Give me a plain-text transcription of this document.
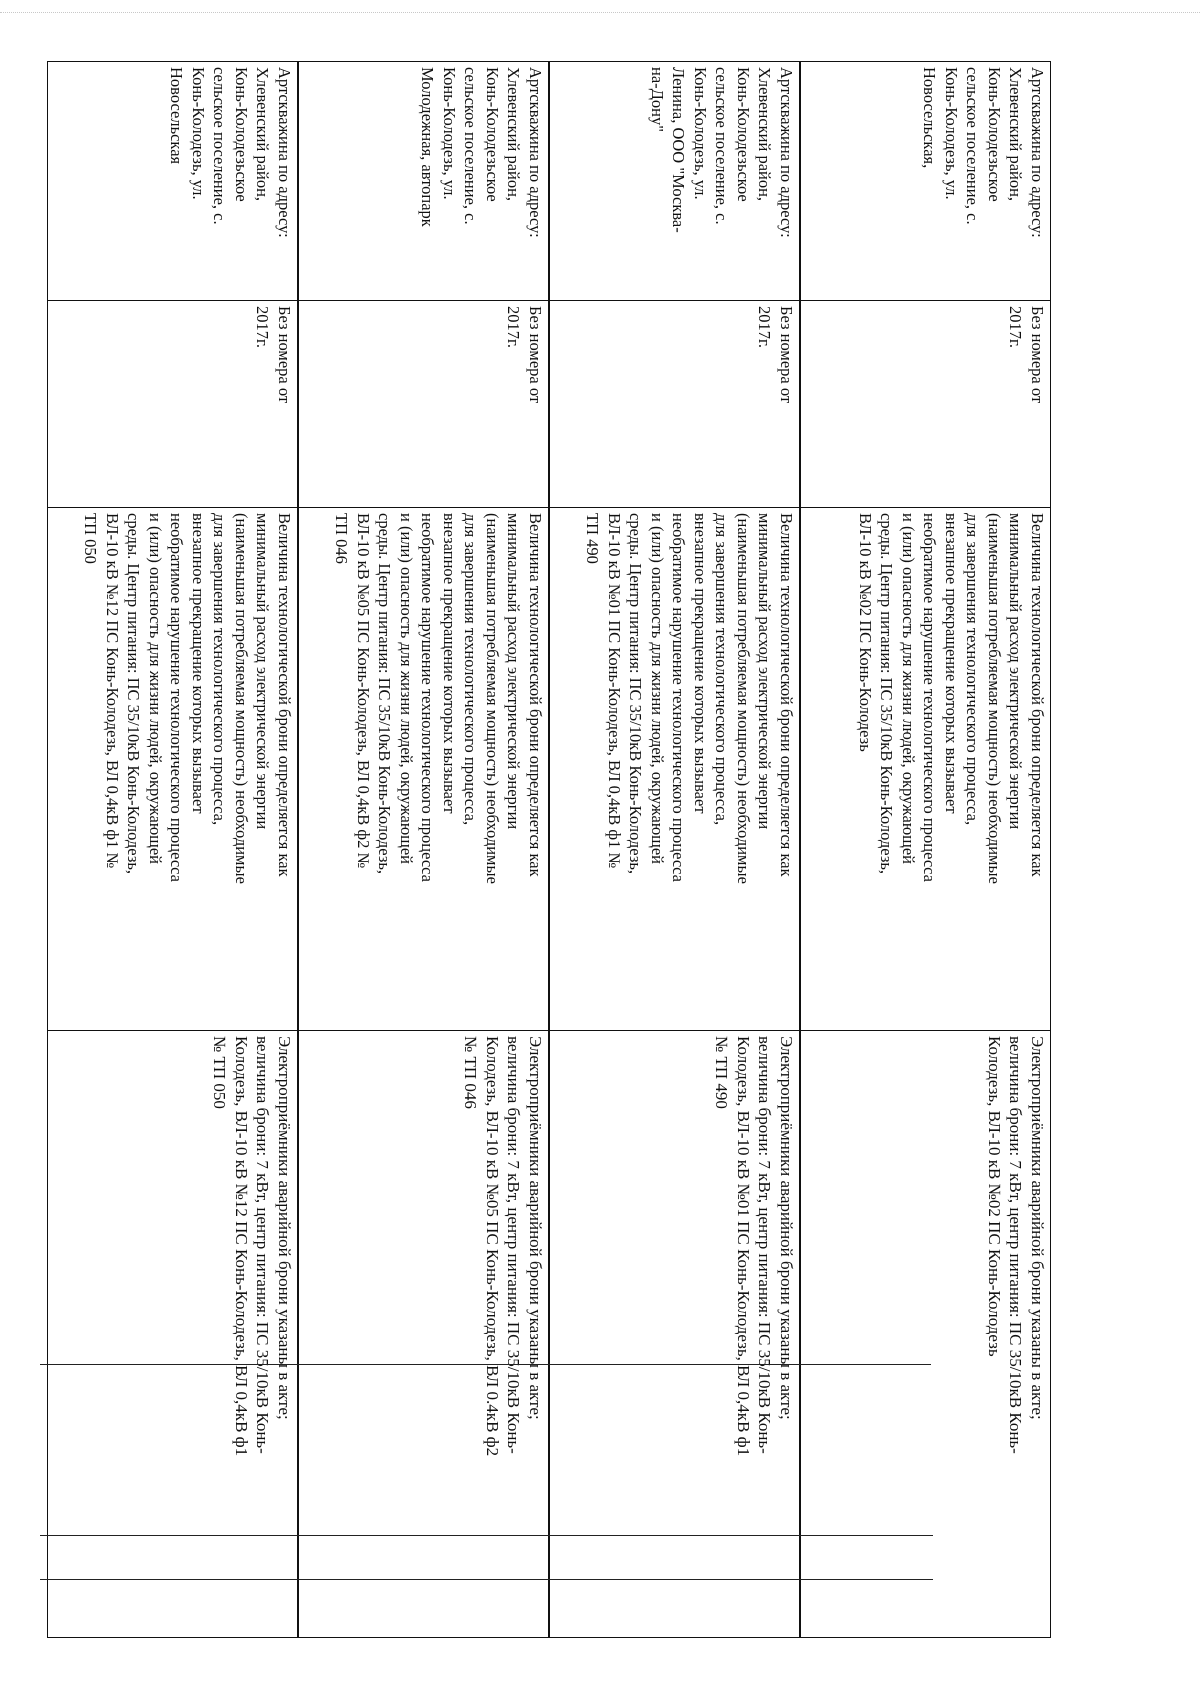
Артскважина по адресу:
Хлевенский район,
Конь-Колодезьское
сельское поселение, с.
Конь-Колодезь, ул.
Новосельская,
Без номера от
2017г.
Величина технологической брони определяется как
минимальный расход электрической энергии
(наименьшая потребляемая мощность) необходимые
для завершения технологического процесса,
внезапное прекращение которых вызывает
необратимое нарушение технологического процесса
и (или) опасность для жизни людей, окружающей
среды. Центр питания: ПС 35/10кВ Конь-Колодезь,
ВЛ-10 кВ №02 ПС Конь-Колодезь
Электроприёмники аварийной брони указаны в акте;
величина брони: 7 кВт, центр питания: ПС 35/10кВ Конь-
Колодезь, ВЛ-10 кВ №02 ПС Конь-Колодезь
Артскважина по адресу:
Хлевенский район,
Конь-Колодезьское
сельское поселение, с.
Конь-Колодезь, ул.
Ленина, ООО "Москва-
на-Дону"
Без номера от
2017г.
Величина технологической брони определяется как
минимальный расход электрической энергии
(наименьшая потребляемая мощность) необходимые
для завершения технологического процесса,
внезапное прекращение которых вызывает
необратимое нарушение технологического процесса
и (или) опасность для жизни людей, окружающей
среды. Центр питания: ПС 35/10кВ Конь-Колодезь,
ВЛ-10 кВ №01 ПС Конь-Колодезь, ВЛ 0,4кВ ф1 №
ТП 490
Электроприёмники аварийной брони указаны в акте;
величина брони: 7 кВт, центр питания: ПС 35/10кВ Конь-
Колодезь, ВЛ-10 кВ №01 ПС Конь-Колодезь, ВЛ 0,4кВ ф1
№ ТП 490
Артскважина по адресу:
Хлевенский район,
Конь-Колодезьское
сельское поселение, с.
Конь-Колодезь, ул.
Молодежная, автопарк
Без номера от
2017г.
Величина технологической брони определяется как
минимальный расход электрической энергии
(наименьшая потребляемая мощность) необходимые
для завершения технологического процесса,
внезапное прекращение которых вызывает
необратимое нарушение технологического процесса
и (или) опасность для жизни людей, окружающей
среды. Центр питания: ПС 35/10кВ Конь-Колодезь,
ВЛ-10 кВ №05 ПС Конь-Колодезь, ВЛ 0,4кВ ф2 №
ТП 046
Электроприёмники аварийной брони указаны в акте;
величина брони: 7 кВт, центр питания: ПС 35/10кВ Конь-
Колодезь, ВЛ-10 кВ №05 ПС Конь-Колодезь, ВЛ 0.4кВ ф2
№ ТП 046
Артскважина по адресу:
Хлевенский район,
Конь-Колодезьское
сельское поселение, с.
Конь-Колодезь, ул.
Новосельская
Без номера от
2017г.
Величина технологической брони определяется как
минимальный расход электрической энергии
(наименьшая потребляемая мощность) необходимые
для завершения технологического процесса,
внезапное прекращение которых вызывает
необратимое нарушение технологического процесса
и (или) опасность для жизни людей, окружающей
среды. Центр питания: ПС 35/10кВ Конь-Колодезь,
ВЛ-10 кВ №12 ПС Конь-Колодезь, ВЛ 0,4кВ ф1 №
ТП 050
Электроприёмники аварийной брони указаны в акте;
величина брони: 7 кВт, центр питания: ПС 35/10кВ Конь-
Колодезь, ВЛ-10 кВ №12 ПС Конь-Колодезь, ВЛ 0,4кВ ф1
№ ТП 050
